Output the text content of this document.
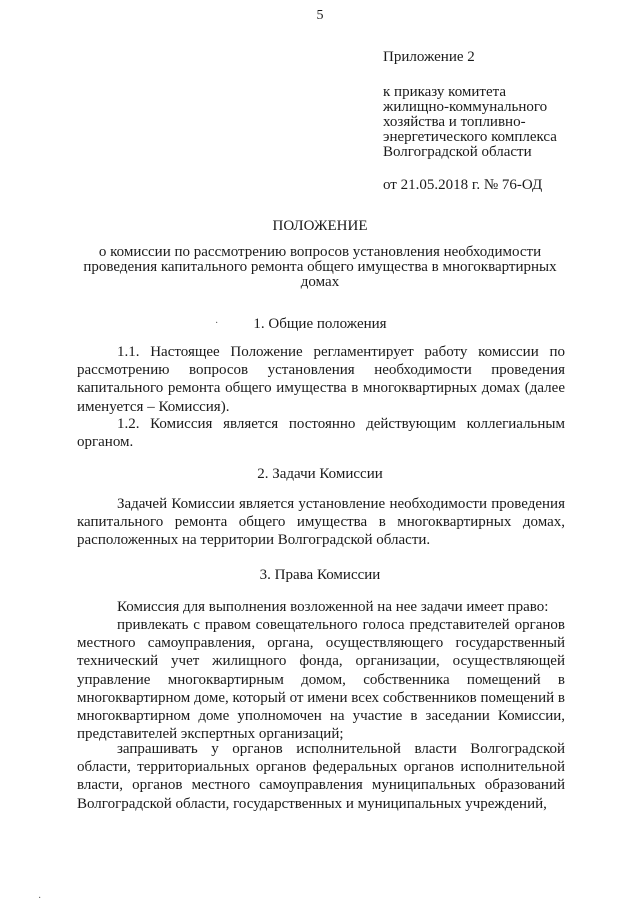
5
Приложение 2
к приказу комитета
жилищно-коммунального
хозяйства и топливно-
энергетического комплекса
Волгоградской области
от 21.05.2018 г. № 76-ОД
ПОЛОЖЕНИЕ
о комиссии по рассмотрению вопросов установления необходимости проведения капитального ремонта общего имущества в многоквартирных домах
·	1. Общие положения

1.1. Настоящее Положение регламентирует работу комиссии по рассмотрению вопросов установления необходимости проведения капитального ремонта общего имущества в многоквартирных домах (далее именуется – Комиссия).

1.2. Комиссия является постоянно действующим коллегиальным органом.

2. Задачи Комиссии

Задачей Комиссии является установление необходимости проведения капитального ремонта общего имущества в многоквартирных домах, расположенных на территории Волгоградской области.

3. Права Комиссии

Комиссия для выполнения возложенной на нее задачи имеет право:

привлекать с правом совещательного голоса представителей органов местного самоуправления, органа, осуществляющего государственный технический учет жилищного фонда, организации, осуществляющей управление многоквартирным домом, собственника помещений в многоквартирном доме, который от имени всех собственников помещений в многоквартирном доме уполномочен на участие в заседании Комиссии, представителей экспертных организаций;

запрашивать у органов исполнительной власти Волгоградской области, территориальных органов федеральных органов исполнительной власти, органов местного самоуправления муниципальных образований Волгоградской области, государственных и муниципальных учреждений,

·
